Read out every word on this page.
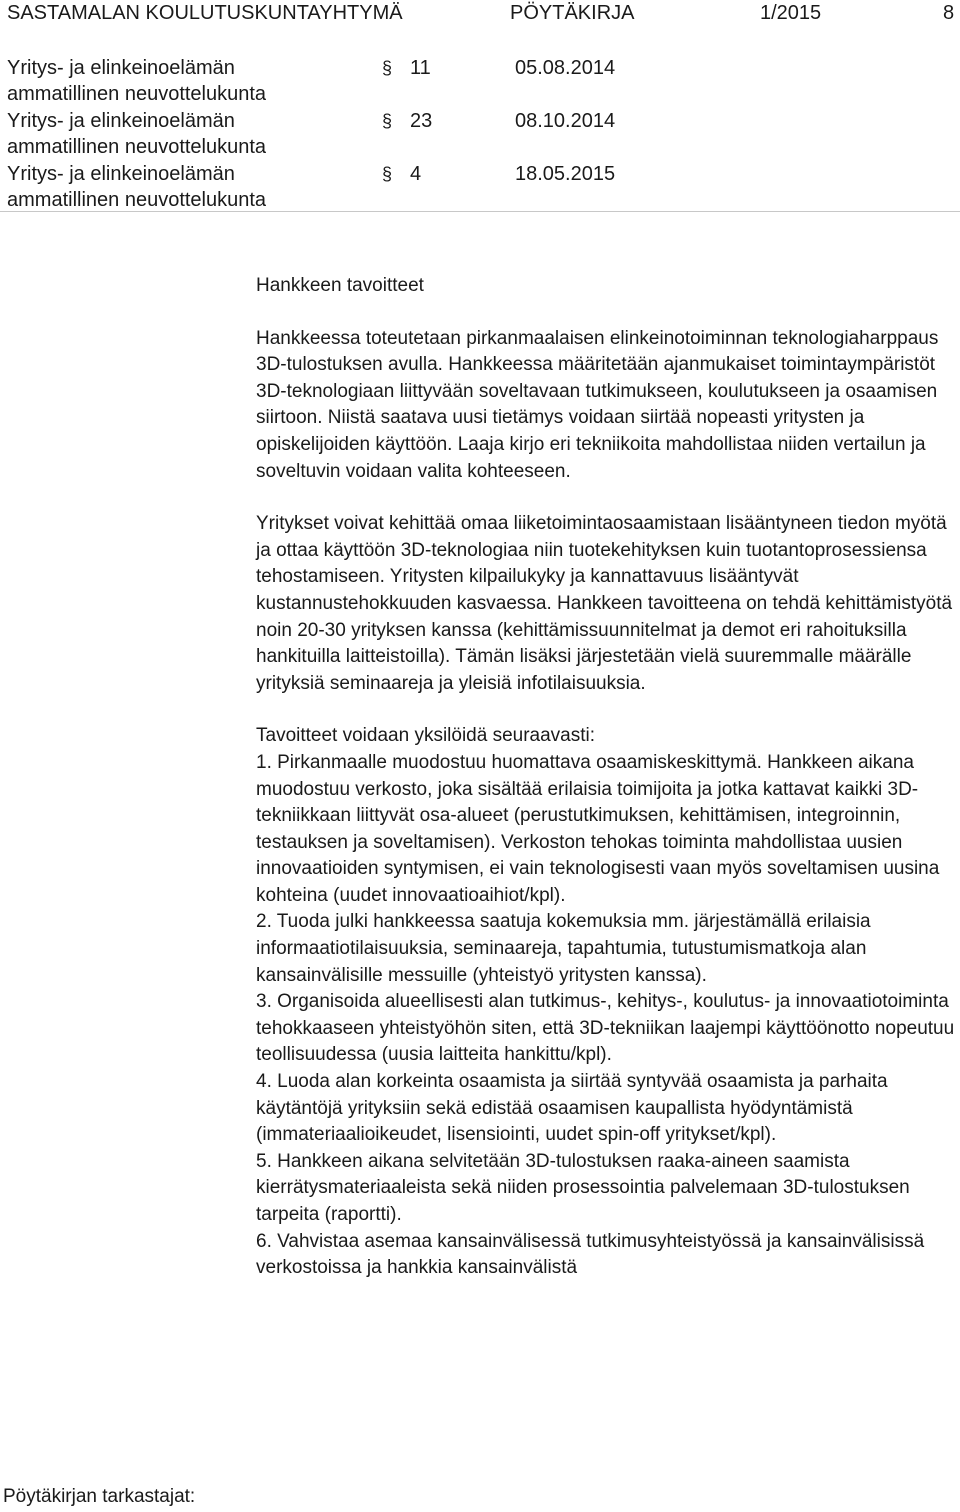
SASTAMALAN KOULUTUSKUNTAYHTYMÄ	PÖYTÄKIRJA	1/2015	8
Yritys- ja elinkeinoelämän ammatillinen neuvottelukunta
§ 11	05.08.2014
Yritys- ja elinkeinoelämän ammatillinen neuvottelukunta
§ 23	08.10.2014
Yritys- ja elinkeinoelämän ammatillinen neuvottelukunta
§ 4	18.05.2015

Hankkeen tavoitteet

Hankkeessa toteutetaan pirkanmaalaisen elinkeinotoiminnan teknologiaharppaus 3D-tulostuksen avulla. Hankkeessa määritetään ajanmukaiset toimintaympäristöt 3D-teknologiaan liittyvään soveltavaan tutkimukseen, koulutukseen ja osaamisen siirtoon. Niistä saatava uusi tietämys voidaan siirtää nopeasti yritysten ja opiskelijoiden käyttöön. Laaja kirjo eri tekniikoita mahdollistaa niiden vertailun ja soveltuvin voidaan valita kohteeseen.

Yritykset voivat kehittää omaa liiketoimintaosaamistaan lisääntyneen tiedon myötä ja ottaa käyttöön 3D-teknologiaa niin tuotekehityksen kuin tuotantoprosessiensa tehostamiseen. Yritysten kilpailukyky ja kannattavuus lisääntyvät kustannustehokkuuden kasvaessa. Hankkeen tavoitteena on tehdä kehittämistyötä noin 20-30 yrityksen kanssa (kehittämissuunnitelmat ja demot eri rahoituksilla hankituilla laitteistoilla). Tämän lisäksi järjestetään vielä suuremmalle määrälle yrityksiä seminaareja ja yleisiä infotilaisuuksia.

Tavoitteet voidaan yksilöidä seuraavasti:

1. Pirkanmaalle muodostuu huomattava osaamiskeskittymä. Hankkeen aikana muodostuu verkosto, joka sisältää erilaisia toimijoita ja jotka kattavat kaikki 3D-tekniikkaan liittyvät osa-alueet (perustutkimuksen, kehittämisen, integroinnin, testauksen ja soveltamisen). Verkoston tehokas toiminta mahdollistaa uusien innovaatioiden syntymisen, ei vain teknologisesti vaan myös soveltamisen uusina kohteina (uudet innovaatioaihiot/kpl).

2. Tuoda julki hankkeessa saatuja kokemuksia mm. järjestämällä erilaisia informaatiotilaisuuksia, seminaareja, tapahtumia, tutustumismatkoja alan kansainvälisille messuille (yhteistyö yritysten kanssa).

3. Organisoida alueellisesti alan tutkimus-, kehitys-, koulutus- ja innovaatiotoiminta tehokkaaseen yhteistyöhön siten, että 3D-tekniikan laajempi käyttöönotto nopeutuu teollisuudessa (uusia laitteita hankittu/kpl).

4. Luoda alan korkeinta osaamista ja siirtää syntyvää osaamista ja parhaita käytäntöjä yrityksiin sekä edistää osaamisen kaupallista hyödyntämistä (immateriaalioikeudet, lisensiointi, uudet spin-off yritykset/kpl).

5. Hankkeen aikana selvitetään 3D-tulostuksen raaka-aineen saamista kierrätysmateriaaleista sekä niiden prosessointia palvelemaan 3D-tulostuksen tarpeita (raportti).

6. Vahvistaa asemaa kansainvälisessä tutkimusyhteistyössä ja kansainvälisissä verkostoissa ja hankkia kansainvälistä

Pöytäkirjan tarkastajat:
